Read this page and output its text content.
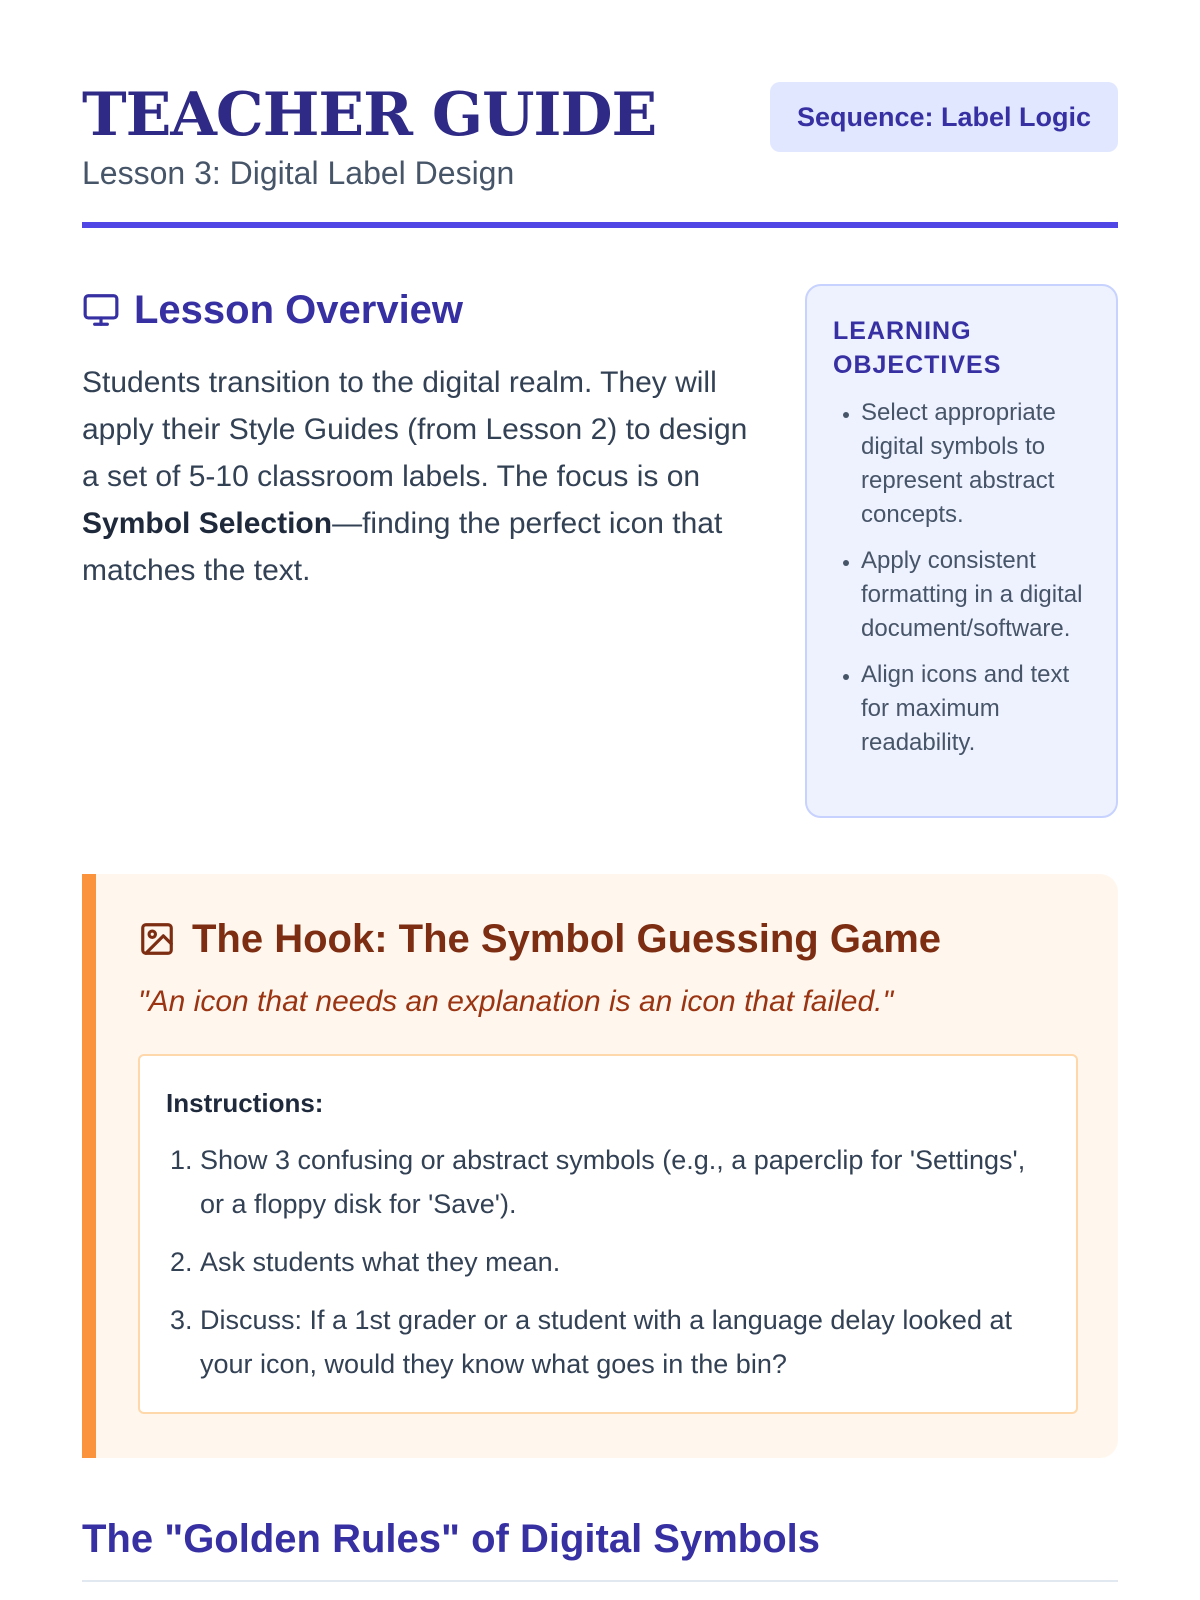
TEACHER GUIDE
Lesson 3: Digital Label Design
Sequence: Label Logic
Lesson Overview

Students transition to the digital realm. They will apply their Style Guides (from Lesson 2) to design a set of 5-10 classroom labels. The focus is on Symbol Selection—finding the perfect icon that matches the text.

LEARNING OBJECTIVES
• Select appropriate digital symbols to represent abstract concepts.
• Apply consistent formatting in a digital document/software.
• Align icons and text for maximum readability.
The Hook: The Symbol Guessing Game

"An icon that needs an explanation is an icon that failed."

Instructions:
1. Show 3 confusing or abstract symbols (e.g., a paperclip for 'Settings', or a floppy disk for 'Save').
2. Ask students what they mean.
3. Discuss: If a 1st grader or a student with a language delay looked at your icon, would they know what goes in the bin?
The "Golden Rules" of Digital Symbols
